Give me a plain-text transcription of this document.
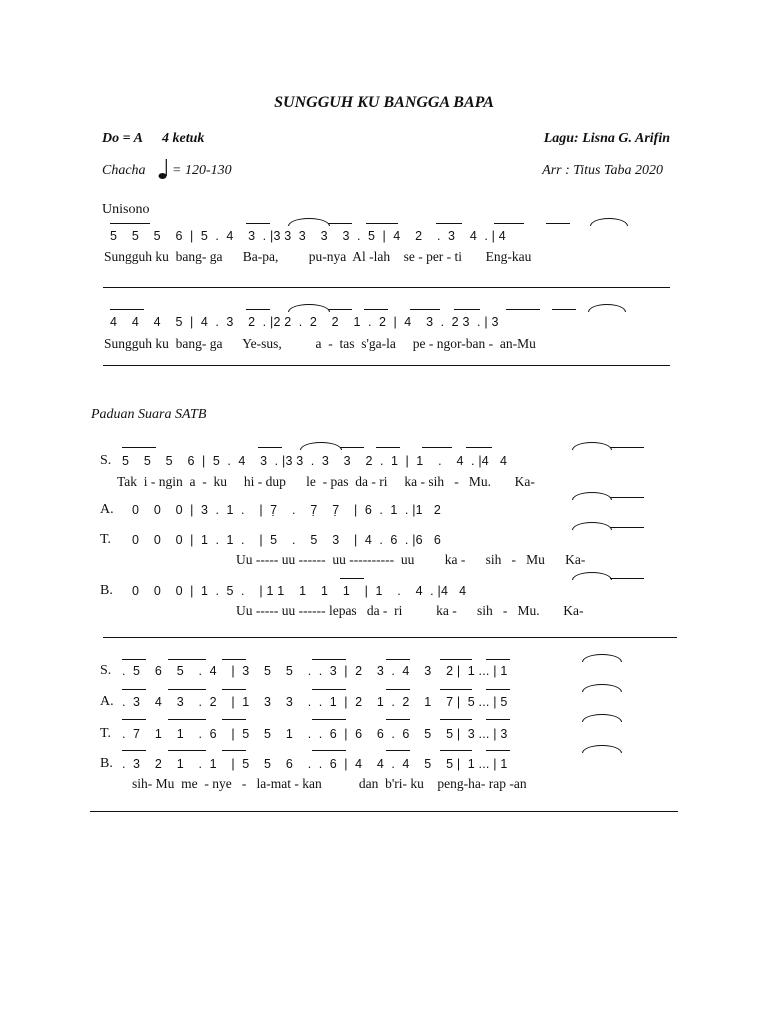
SUNGGUH KU BANGGA BAPA
Do = A 4 ketuk	Lagu: Lisna G. Arifin
Chacha = 120-130	Arr : Titus Taba 2020
Unisono
5    5    5    6  |  5  .  4    3  . |3 3  3    3    3  .  5  |  4    2    .  3    4  . | 4
Sungguh ku  bang- ga      Ba-pa,         pu-nya  Al -lah    se - per - ti       Eng-kau
4    4    4    5  |  4  .  3    2  . |2 2  .  2    2    1  .  2  |  4    3  .  2 3  . | 3
Sungguh ku  bang- ga      Ye-sus,          a  -  tas  s'ga-la     pe - ngor-ban -  an-Mu
Paduan Suara SATB
S. 5    5    5    6  |  5  .  4    3  . |3 3  .  3    3    2  .  1  |  1    .    4  . |4   4
Tak  i - ngin  a  -  ku     hi - dup      le  - pas  da - ri     ka - sih   -   Mu.       Ka-
A. 0    0    0  |  3  .  1  .    |  7̣    .    7̣    7̣    |  6  .  1  . |1   2
T. 0    0    0  |  1  .  1  .    |  5    .    5    3    |  4  .  6  . |6   6
Uu ----- uu ------  uu ----------  uu         ka -      sih   -   Mu      Ka-
B. 0    0    0  |  1  .  5  .    | 1 1    1    1    1    |  1    .    4  . |4   4
Uu ----- uu ------ lepas   da -  ri          ka -      sih   -   Mu.       Ka-
S. .  5    6    5    .  4    |  3    5    5    .  .  3  |  2    3  .  4    3    2 |  1 ... | 1
A. .  3    4    3    .  2    |  1    3    3    .  .  1  |  2    1  .  2    1    7 |  5 ... | 5
T. .  7    1    1    .  6    |  5    5    1    .  .  6  |  6    6  .  6    5    5 |  3 ... | 3
B. .  3    2    1    .  1    |  5    5    6    .  .  6  |  4    4  .  4    5    5 |  1 ... | 1
sih- Mu  me  - nye   -   la-mat - kan           dan  b'ri- ku    peng-ha- rap -an
